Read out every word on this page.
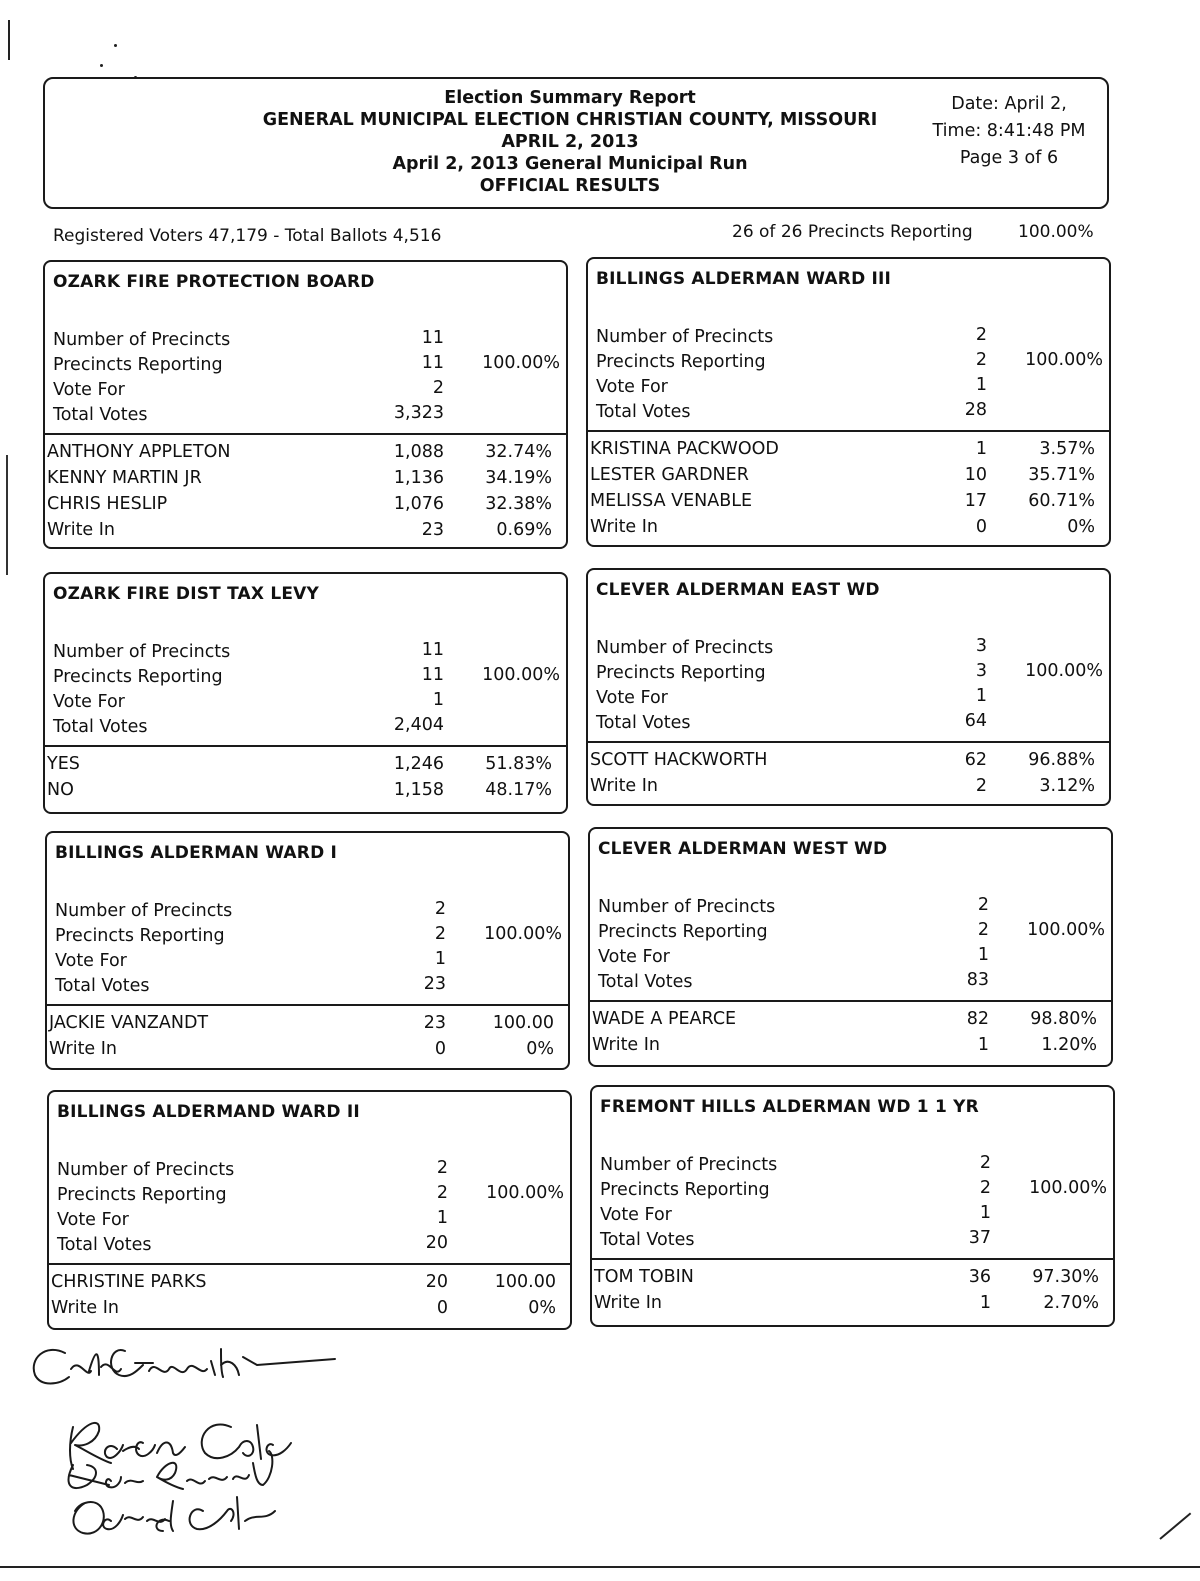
Election Summary Report
GENERAL MUNICIPAL ELECTION CHRISTIAN COUNTY, MISSOURI
APRIL 2, 2013
April 2, 2013 General Municipal Run
OFFICIAL RESULTS
Date: April 2,
Time: 8:41:48 PM
Page 3 of 6
Registered Voters 47,179 - Total Ballots 4,516	26 of 26 Precincts Reporting	100.00%
OZARK FIRE PROTECTION BOARD
Number of Precincts	11
Precincts Reporting	11	100.00%
Vote For	2
Total Votes	3,323
ANTHONY APPLETON	1,088	32.74%
KENNY MARTIN JR	1,136	34.19%
CHRIS HESLIP	1,076	32.38%
Write In	23	0.69%
BILLINGS ALDERMAN WARD III
Number of Precincts	2
Precincts Reporting	2	100.00%
Vote For	1
Total Votes	28
KRISTINA PACKWOOD	1	3.57%
LESTER GARDNER	10	35.71%
MELISSA VENABLE	17	60.71%
Write In	0	0%
OZARK FIRE DIST TAX LEVY
Number of Precincts	11
Precincts Reporting	11	100.00%
Vote For	1
Total Votes	2,404
YES	1,246	51.83%
NO	1,158	48.17%
CLEVER ALDERMAN EAST WD
Number of Precincts	3
Precincts Reporting	3	100.00%
Vote For	1
Total Votes	64
SCOTT HACKWORTH	62	96.88%
Write In	2	3.12%
BILLINGS ALDERMAN WARD I
Number of Precincts	2
Precincts Reporting	2	100.00%
Vote For	1
Total Votes	23
JACKIE VANZANDT	23	100.00
Write In	0	0%
CLEVER ALDERMAN WEST WD
Number of Precincts	2
Precincts Reporting	2	100.00%
Vote For	1
Total Votes	83
WADE A PEARCE	82	98.80%
Write In	1	1.20%
BILLINGS ALDERMAND WARD II
Number of Precincts	2
Precincts Reporting	2	100.00%
Vote For	1
Total Votes	20
CHRISTINE PARKS	20	100.00
Write In	0	0%
FREMONT HILLS ALDERMAN WD 1 1 YR
Number of Precincts	2
Precincts Reporting	2	100.00%
Vote For	1
Total Votes	37
TOM TOBIN	36	97.30%
Write In	1	2.70%
